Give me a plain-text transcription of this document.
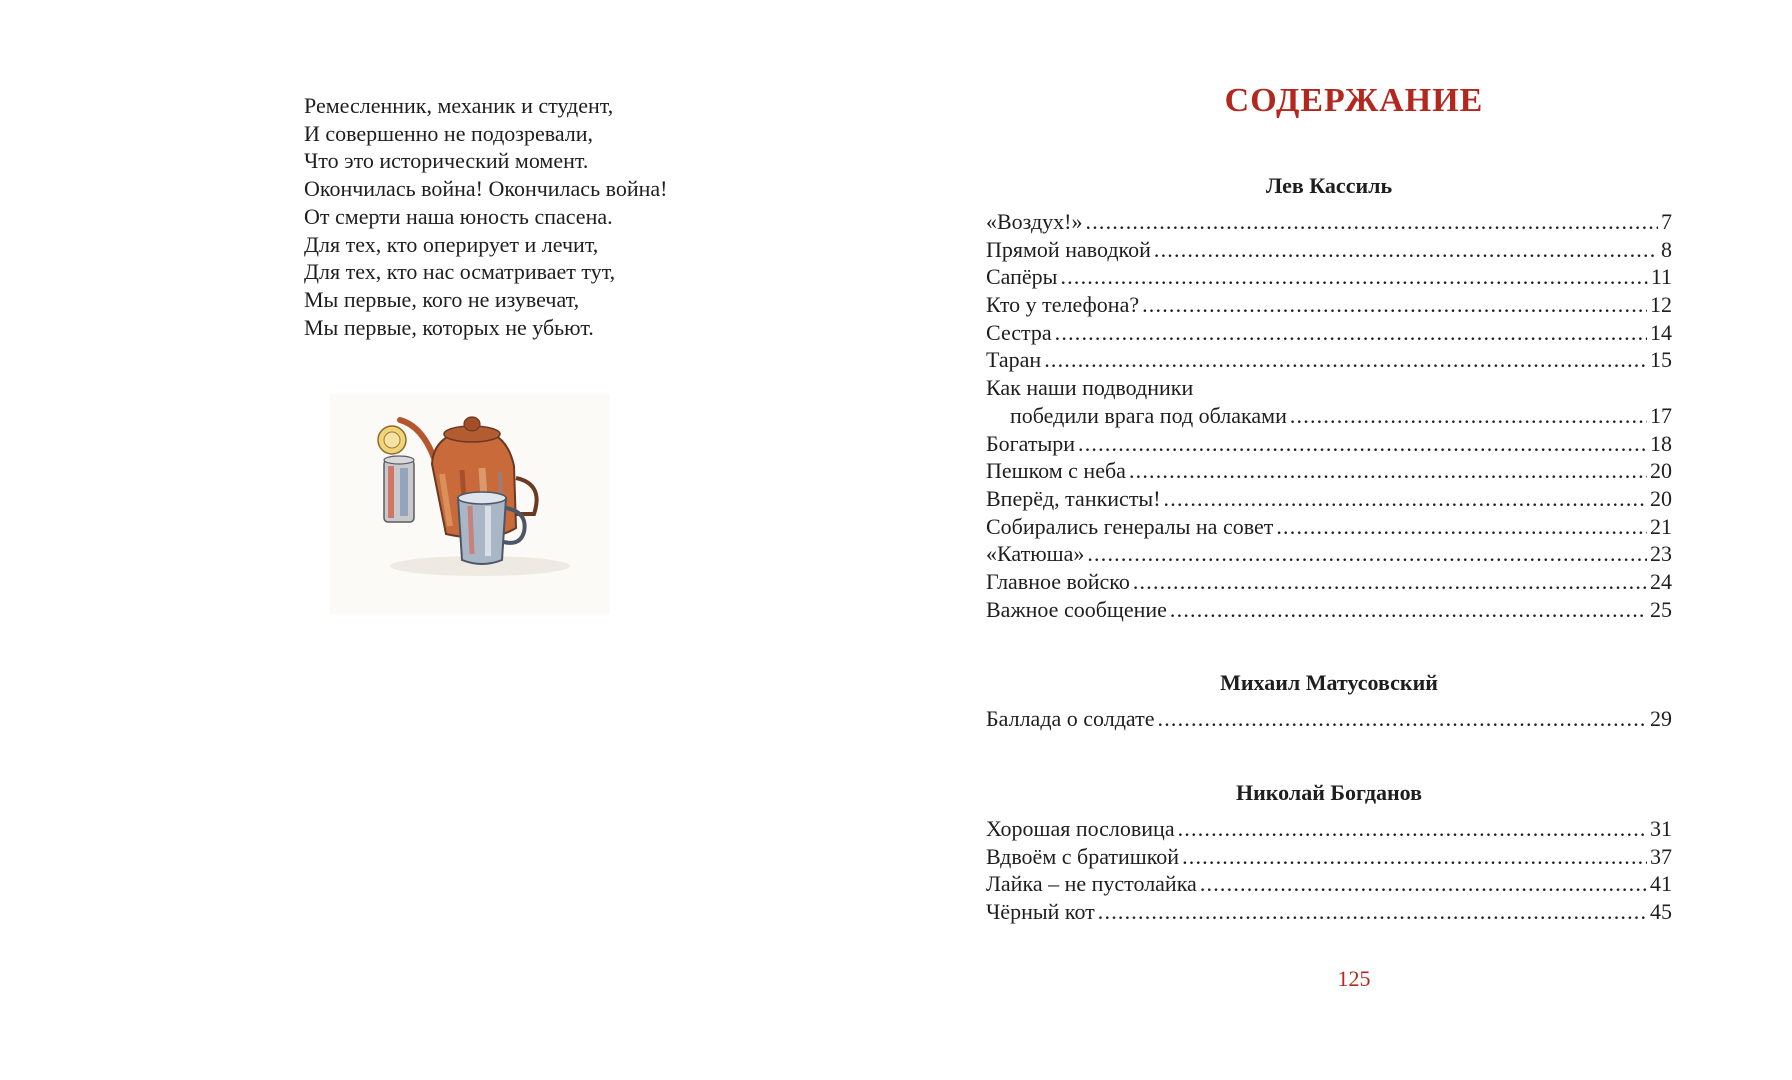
Ремесленник, механик и студент,
И совершенно не подозревали,
Что это исторический момент.
Окончилась война! Окончилась война!
От смерти наша юность спасена.
Для тех, кто оперирует и лечит,
Для тех, кто нас осматривает тут,
Мы первые, кого не изувечат,
Мы первые, которых не убьют.
СОДЕРЖАНИЕ
Лев Кассиль
«Воздух!» .....	7
Прямой наводкой .....	8
Сапёры .....	11
Кто у телефона? .....	12
Сестра .....	14
Таран .....	15
Как наши подводники
победили врага под облаками .....	17
Богатыри .....	18
Пешком с неба .....	20
Вперёд, танкисты! .....	20
Собирались генералы на совет .....	21
«Катюша» .....	23
Главное войско .....	24
Важное сообщение .....	25
Михаил Матусовский
Баллада о солдате .....	29
Николай Богданов
Хорошая пословица .....	31
Вдвоём с братишкой .....	37
Лайка – не пустолайка .....	41
Чёрный кот .....	45
125
